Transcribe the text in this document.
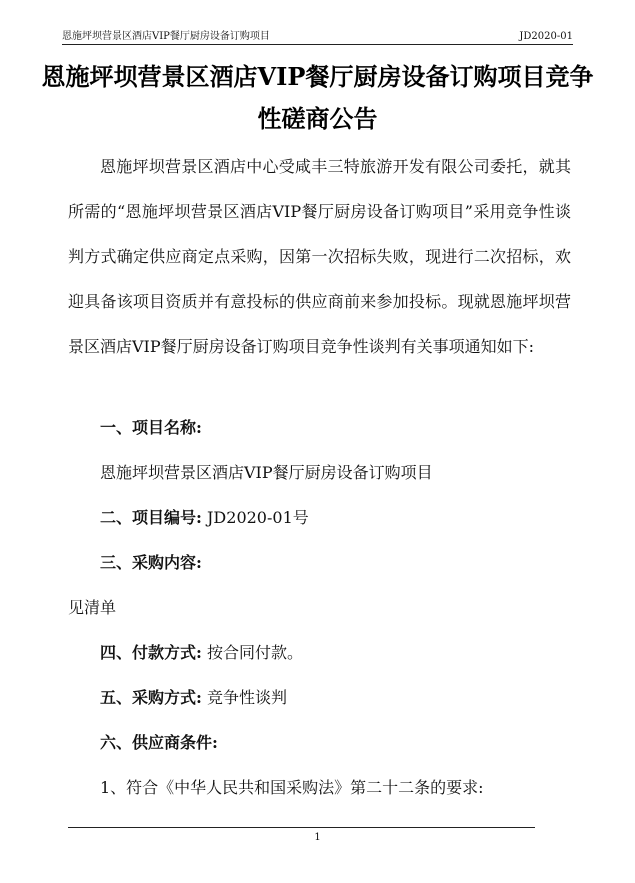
恩施坪坝营景区酒店VIP餐厅厨房设备订购项目	JD2020-01
恩施坪坝营景区酒店VIP餐厅厨房设备订购项目竞争性磋商公告
恩施坪坝营景区酒店中心受咸丰三特旅游开发有限公司委托，就其所需的“恩施坪坝营景区酒店VIP餐厅厨房设备订购项目”采用竞争性谈判方式确定供应商定点采购，因第一次招标失败，现进行二次招标，欢迎具备该项目资质并有意投标的供应商前来参加投标。现就恩施坪坝营景区酒店VIP餐厅厨房设备订购项目竞争性谈判有关事项通知如下:
一、项目名称:
恩施坪坝营景区酒店VIP餐厅厨房设备订购项目
二、项目编号: JD2020-01号
三、采购内容:
见清单
四、付款方式: 按合同付款。
五、采购方式: 竞争性谈判
六、供应商条件:
1、符合《中华人民共和国采购法》第二十二条的要求:
1
